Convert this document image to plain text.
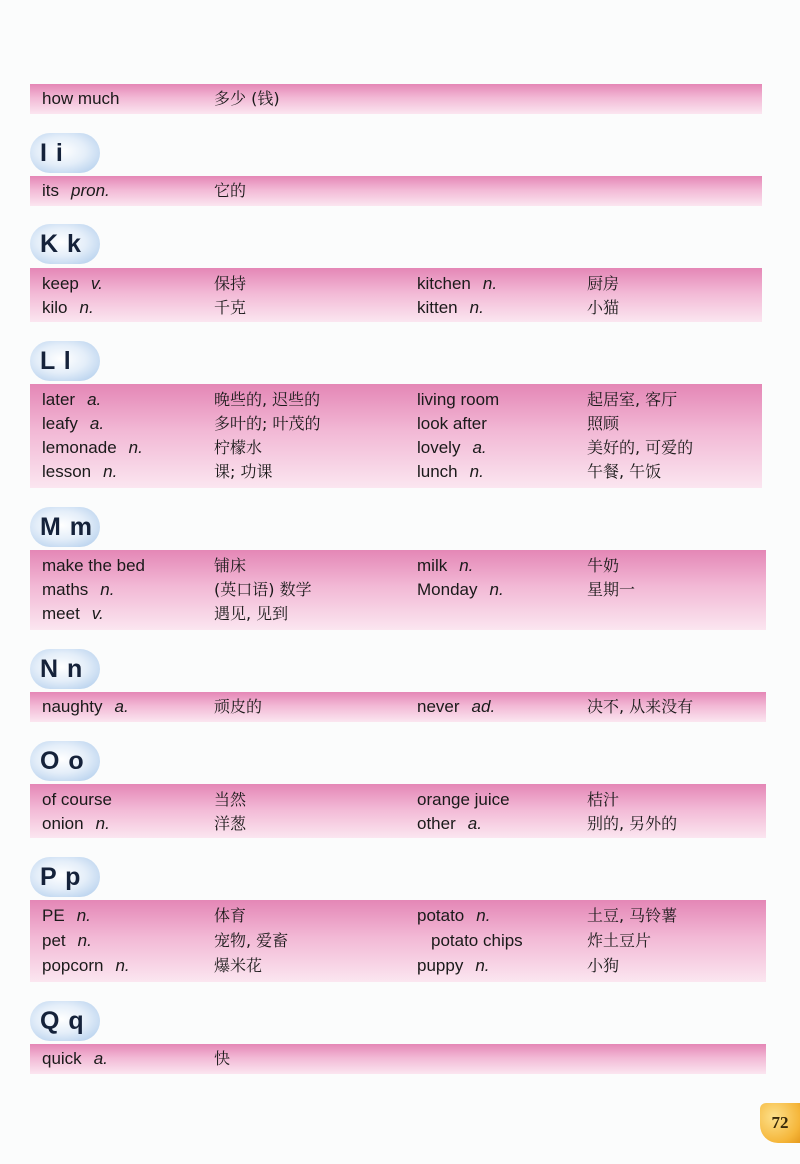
how much	多少 (钱)
I i
its pron.	它的
K k
keep v.	保持	kitchen n.	厨房
kilo n.	千克	kitten n.	小猫
L l
later a.	晚些的, 迟些的	living room	起居室, 客厅
leafy a.	多叶的; 叶茂的	look after	照顾
lemonade n.	柠檬水	lovely a.	美好的, 可爱的
lesson n.	课; 功课	lunch n.	午餐, 午饭
M m
make the bed	铺床	milk n.	牛奶
maths n.	(英口语) 数学	Monday n.	星期一
meet v.	遇见, 见到
N n
naughty a.	顽皮的	never ad.	决不, 从来没有
O o
of course	当然	orange juice	桔汁
onion n.	洋葱	other a.	别的, 另外的
P p
PE n.	体育	potato n.	土豆, 马铃薯
pet n.	宠物, 爱畜	potato chips	炸土豆片
popcorn n.	爆米花	puppy n.	小狗
Q q
quick a.	快
72
